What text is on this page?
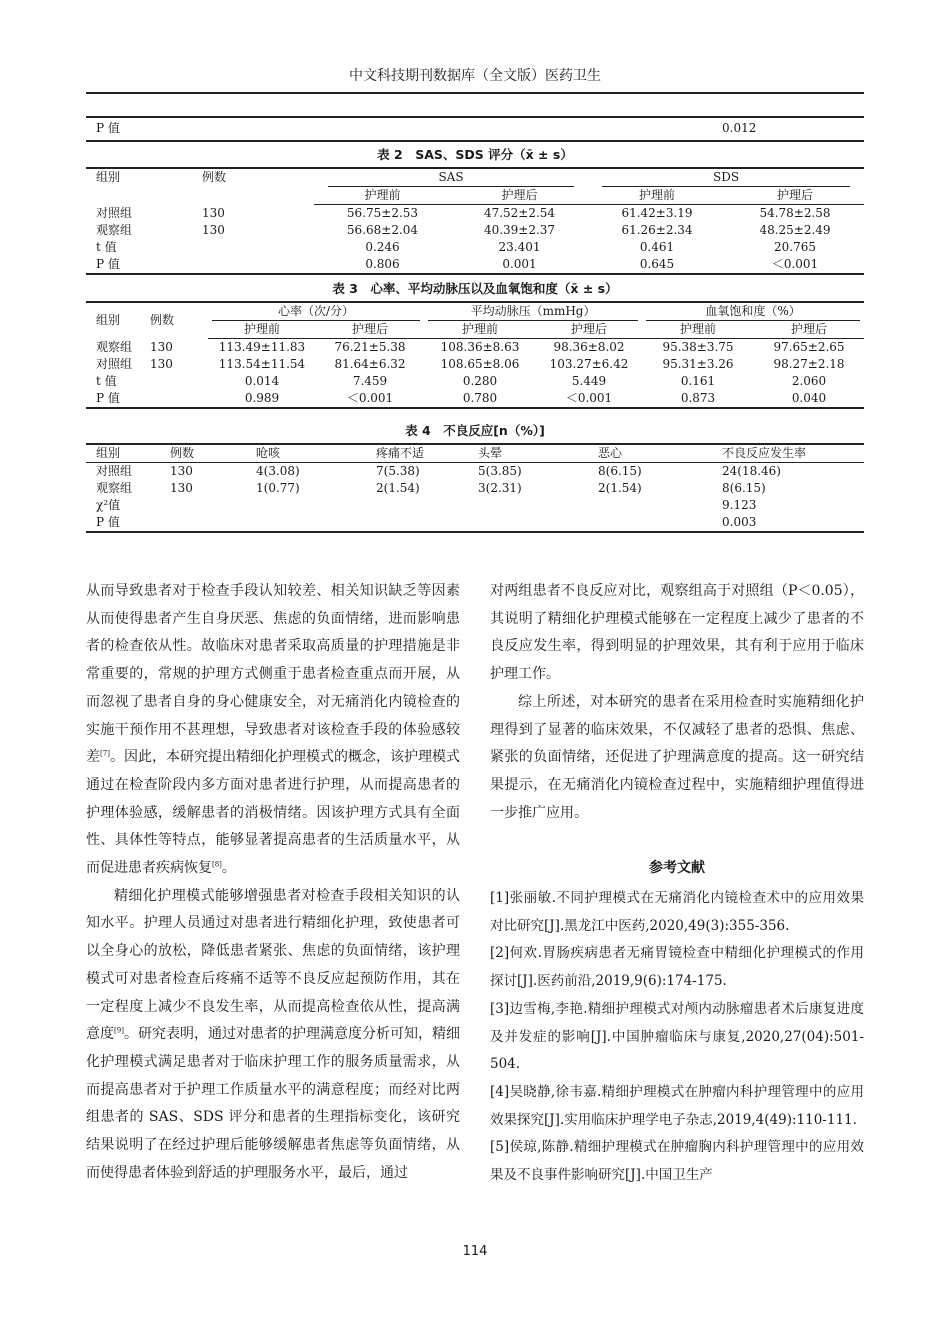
中文科技期刊数据库（全文版）医药卫生
P 值	0.012
表 2　SAS、SDS 评分（x̄ ± s）
组别	例数	SAS		SDS	

		护理前	护理后	护理前	护理后
对照组	130	56.75±2.53	47.52±2.54	61.42±3.19	54.78±2.58
观察组	130	56.68±2.04	40.39±2.37	61.26±2.34	48.25±2.49
t 值		0.246	23.401	0.461	20.765
P 值		0.806	0.001	0.645	＜0.001
表 3　心率、平均动脉压以及血氧饱和度（x̄ ± s）
组别	例数	心率（次/分）		平均动脉压（mmHg）		血氧饱和度（%）	

		护理前	护理后	护理前	护理后	护理前	护理后
观察组	130	113.49±11.83	76.21±5.38	108.36±8.63	98.36±8.02	95.38±3.75	97.65±2.65
对照组	130	113.54±11.54	81.64±6.32	108.65±8.06	103.27±6.42	95.31±3.26	98.27±2.18
t 值		0.014	7.459	0.280	5.449	0.161	2.060
P 值		0.989	＜0.001	0.780	＜0.001	0.873	0.040
表 4　不良反应[n（%）]
组别	例数	呛咳	疼痛不适	头晕	恶心	不良反应发生率
对照组	130	4(3.08)	7(5.38)	5(3.85)	8(6.15)	24(18.46)
观察组	130	1(0.77)	2(1.54)	3(2.31)	2(1.54)	8(6.15)
χ²值						9.123
P 值						0.003

从而导致患者对于检查手段认知较差、相关知识缺乏等因素从而使得患者产生自身厌恶、焦虑的负面情绪，进而影响患者的检查依从性。故临床对患者采取高质量的护理措施是非常重要的，常规的护理方式侧重于患者检查重点而开展，从而忽视了患者自身的身心健康安全，对无痛消化内镜检查的实施干预作用不甚理想，导致患者对该检查手段的体验感较差[7]。因此，本研究提出精细化护理模式的概念，该护理模式通过在检查阶段内多方面对患者进行护理，从而提高患者的护理体验感，缓解患者的消极情绪。因该护理方式具有全面性、具体性等特点，能够显著提高患者的生活质量水平，从而促进患者疾病恢复[8]。

精细化护理模式能够增强患者对检查手段相关知识的认知水平。护理人员通过对患者进行精细化护理，致使患者可以全身心的放松，降低患者紧张、焦虑的负面情绪，该护理模式可对患者检查后疼痛不适等不良反应起预防作用，其在一定程度上减少不良发生率，从而提高检查依从性，提高满意度[9]。研究表明，通过对患者的护理满意度分析可知，精细化护理模式满足患者对于临床护理工作的服务质量需求，从而提高患者对于护理工作质量水平的满意程度；而经对比两组患者的 SAS、SDS 评分和患者的生理指标变化，该研究结果说明了在经过护理后能够缓解患者焦虑等负面情绪，从而使得患者体验到舒适的护理服务水平，最后，通过

对两组患者不良反应对比，观察组高于对照组（P＜0.05），其说明了精细化护理模式能够在一定程度上减少了患者的不良反应发生率，得到明显的护理效果，其有利于应用于临床护理工作。

综上所述，对本研究的患者在采用检查时实施精细化护理得到了显著的临床效果，不仅减轻了患者的恐惧、焦虑、紧张的负面情绪，还促进了护理满意度的提高。这一研究结果提示，在无痛消化内镜检查过程中，实施精细护理值得进一步推广应用。

参考文献

[1]张丽敏.不同护理模式在无痛消化内镜检查术中的应用效果对比研究[J].黑龙江中医药,2020,49(3):355-356.

[2]何欢.胃肠疾病患者无痛胃镜检查中精细化护理模式的作用探讨[J].医药前沿,2019,9(6):174-175.

[3]边雪梅,李艳.精细护理模式对颅内动脉瘤患者术后康复进度及并发症的影响[J].中国肿瘤临床与康复,2020,27(04):501-504.

[4]吴晓静,徐韦嘉.精细护理模式在肿瘤内科护理管理中的应用效果探究[J].实用临床护理学电子杂志,2019,4(49):110-111.

[5]侯琼,陈静.精细护理模式在肿瘤胸内科护理管理中的应用效果及不良事件影响研究[J].中国卫生产

114
